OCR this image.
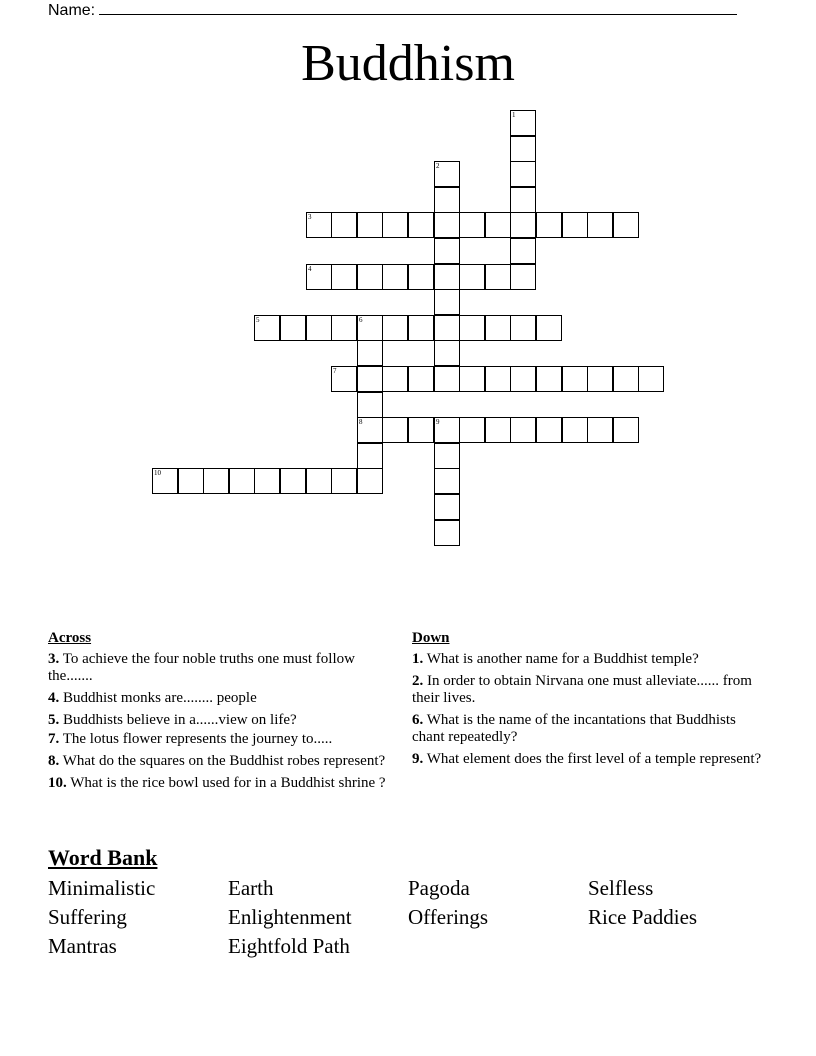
Name:
Buddhism
1
2
3
4
5	6
8
7
9
10
Across
3. To achieve the four noble truths one must follow the.......
4. Buddhist monks are........ people
5. Buddhists believe in a......view on life?
7. The lotus flower represents the journey to.....
8. What do the squares on the Buddhist robes represent?
10. What is the rice bowl used for in a Buddhist shrine ?
Down
1. What is another name for a Buddhist temple?
2. In order to obtain Nirvana one must alleviate...... from their lives.
6. What is the name of the incantations that Buddhists chant repeatedly?
9. What element does the first level of a temple represent?
Word Bank
Minimalistic	Earth	Pagoda	Selfless
Suffering	Enlightenment	Offerings	Rice Paddies
Mantras	Eightfold Path
